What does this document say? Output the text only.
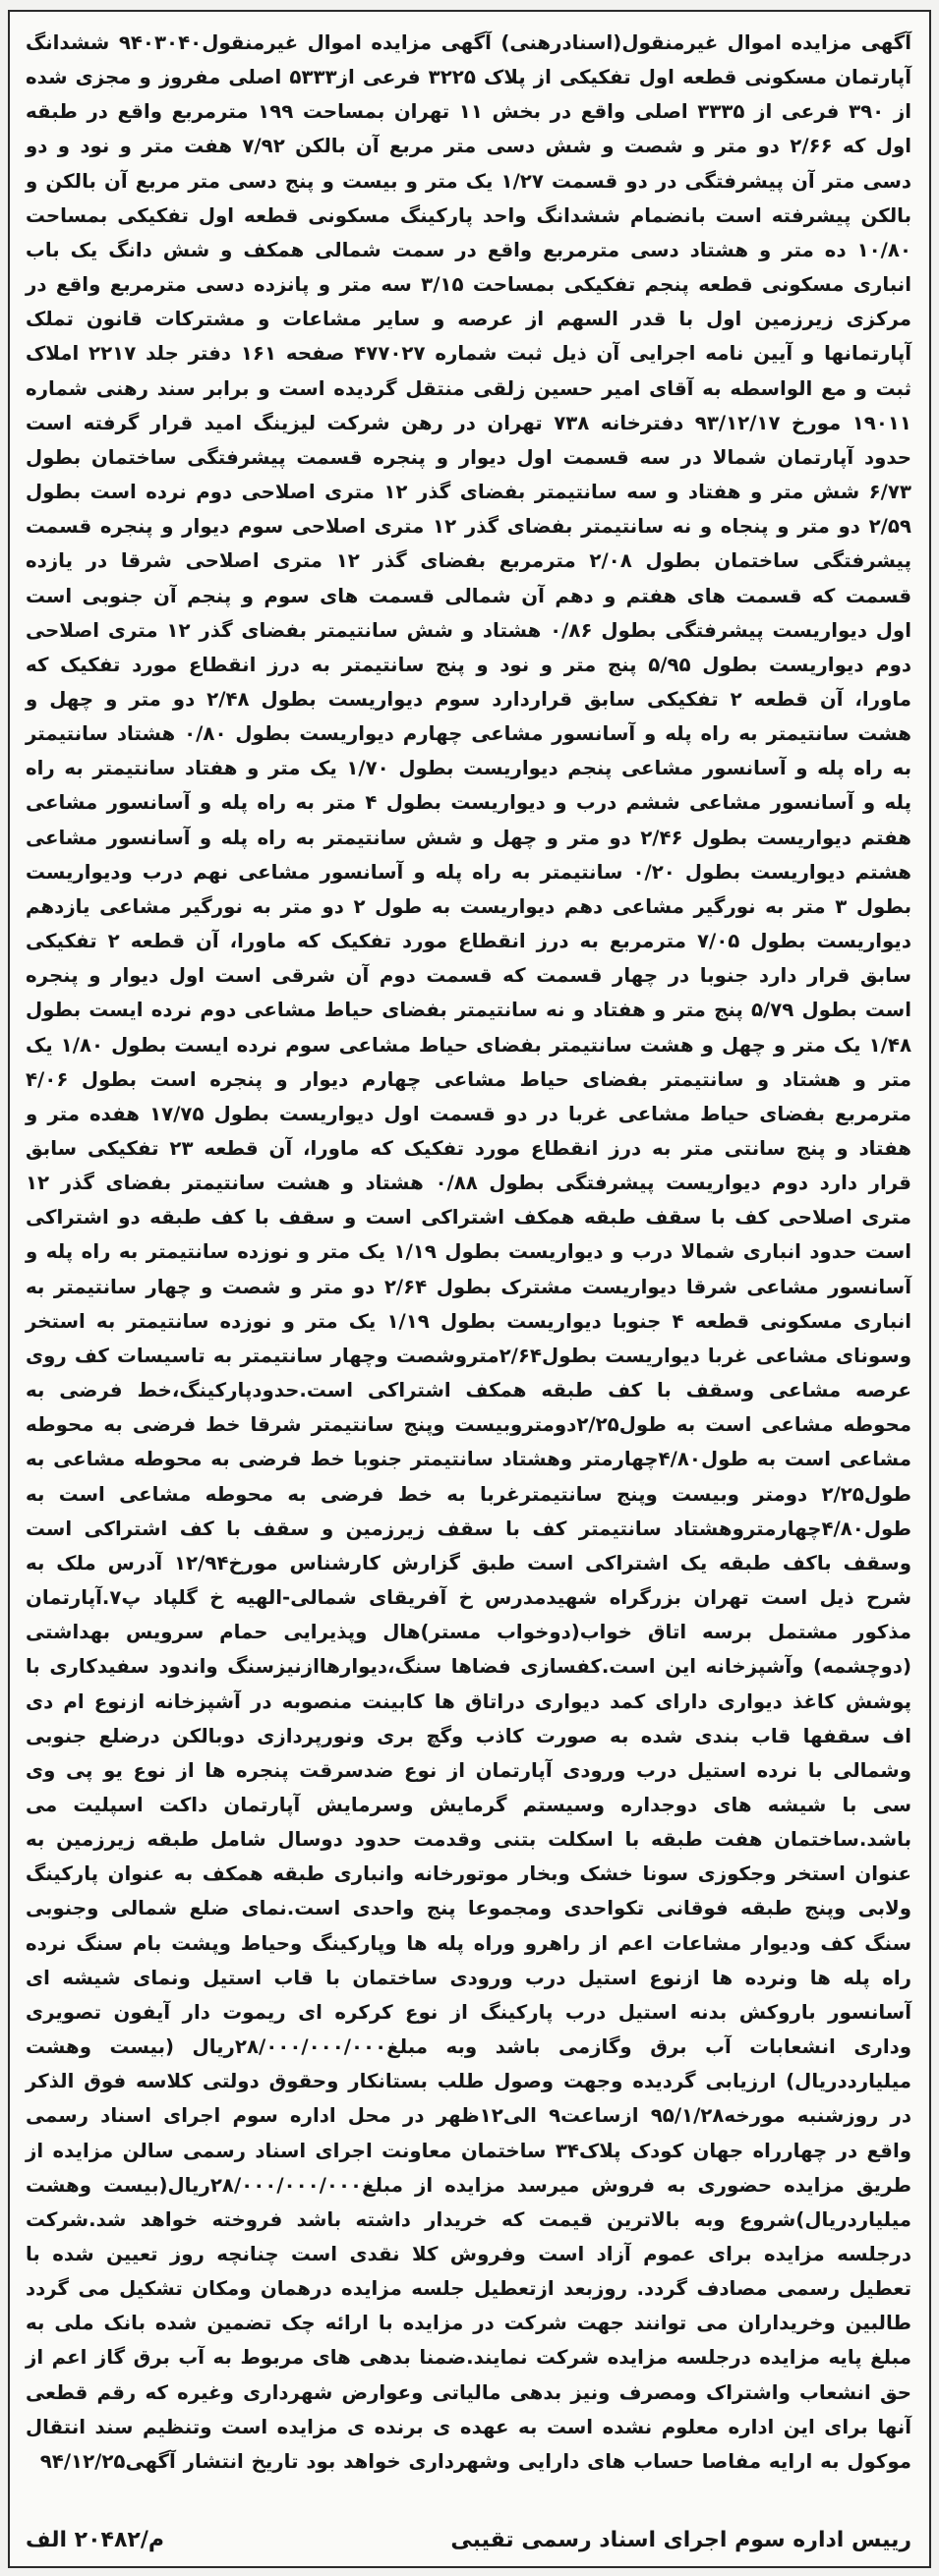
آگهی مزایده اموال غیرمنقول(اسنادرهنی) آگهی مزایده اموال غیرمنقول۹۴۰۳۰۴۰ ششدانگ آپارتمان مسکونی قطعه اول تفکیکی از پلاک ۳۲۲۵ فرعی از۵۳۳۳ اصلی مفروز و مجزی شده از ۳۹۰ فرعی از ۳۳۳۵ اصلی واقع در بخش ۱۱ تهران بمساحت ۱۹۹ مترمربع واقع در طبقه اول که ۲/۶۶ دو متر و شصت و شش دسی متر مربع آن بالکن ۷/۹۲ هفت متر و نود و دو دسی متر آن پیشرفتگی در دو قسمت ۱/۲۷ یک متر و بیست و پنج دسی متر مربع آن بالکن و بالکن پیشرفته است بانضمام ششدانگ واحد پارکینگ مسکونی قطعه اول تفکیکی بمساحت ۱۰/۸۰ ده متر و هشتاد دسی مترمربع واقع در سمت شمالی همکف و شش دانگ یک باب انباری مسکونی قطعه پنجم تفکیکی بمساحت ۳/۱۵ سه متر و پانزده دسی مترمربع واقع در مرکزی زیرزمین اول با قدر السهم از عرصه و سایر مشاعات و مشترکات قانون تملک آپارتمانها و آیین نامه اجرایی آن ذیل ثبت شماره ۴۷۷۰۲۷ صفحه ۱۶۱ دفتر جلد ۲۲۱۷ املاک ثبت و مع الواسطه به آقای امیر حسین زلقی منتقل گردیده است و برابر سند رهنی شماره ۱۹۰۱۱ مورخ ۹۳/۱۲/۱۷ دفترخانه ۷۳۸ تهران در رهن شرکت لیزینگ امید قرار گرفته است حدود آپارتمان شمالا در سه قسمت اول دیوار و پنجره قسمت پیشرفتگی ساختمان بطول ۶/۷۳ شش متر و هفتاد و سه سانتیمتر بفضای گذر ۱۲ متری اصلاحی دوم نرده است بطول ۲/۵۹ دو متر و پنجاه و نه سانتیمتر بفضای گذر ۱۲ متری اصلاحی سوم دیوار و پنجره قسمت پیشرفتگی ساختمان بطول ۲/۰۸ مترمربع بفضای گذر ۱۲ متری اصلاحی شرقا در یازده قسمت که قسمت های هفتم و دهم آن شمالی قسمت های سوم و پنجم آن جنوبی است اول دیواریست پیشرفتگی بطول ۰/۸۶ هشتاد و شش سانتیمتر بفضای گذر ۱۲ متری اصلاحی دوم دیواریست بطول ۵/۹۵ پنج متر و نود و پنج سانتیمتر به درز انقطاع مورد تفکیک که ماورا، آن قطعه ۲ تفکیکی سابق قراردارد سوم دیواریست بطول ۲/۴۸ دو متر و چهل و هشت سانتیمتر به راه پله و آسانسور مشاعی چهارم دیواریست بطول ۰/۸۰ هشتاد سانتیمتر به راه پله و آسانسور مشاعی پنجم دیواریست بطول ۱/۷۰ یک متر و هفتاد سانتیمتر به راه پله و آسانسور مشاعی ششم درب و دیواریست بطول ۴ متر به راه پله و آسانسور مشاعی هفتم دیواریست بطول ۲/۴۶ دو متر و چهل و شش سانتیمتر به راه پله و آسانسور مشاعی هشتم دیواریست بطول ۰/۲۰ سانتیمتر به راه پله و آسانسور مشاعی نهم درب ودیواریست بطول ۳ متر به نورگیر مشاعی دهم دیواریست به طول ۲ دو متر به نورگیر مشاعی یازدهم دیواریست بطول ۷/۰۵ مترمربع به درز انقطاع مورد تفکیک که ماورا، آن قطعه ۲ تفکیکی سابق قرار دارد جنوبا در چهار قسمت که قسمت دوم آن شرقی است اول دیوار و پنجره است بطول ۵/۷۹ پنج متر و هفتاد و نه سانتیمتر بفضای حیاط مشاعی دوم نرده ایست بطول ۱/۴۸ یک متر و چهل و هشت سانتیمتر بفضای حیاط مشاعی سوم نرده ایست بطول ۱/۸۰ یک متر و هشتاد و سانتیمتر بفضای حیاط مشاعی چهارم دیوار و پنجره است بطول ۴/۰۶ مترمربع بفضای حیاط مشاعی غربا در دو قسمت اول دیواریست بطول ۱۷/۷۵ هفده متر و هفتاد و پنج سانتی متر به درز انقطاع مورد تفکیک که ماورا، آن قطعه ۲۳ تفکیکی سابق قرار دارد دوم دیواریست پیشرفتگی بطول ۰/۸۸ هشتاد و هشت سانتیمتر بفضای گذر ۱۲ متری اصلاحی کف با سقف طبقه همکف اشتراکی است و سقف با کف طبقه دو اشتراکی است حدود انباری شمالا درب و دیواریست بطول ۱/۱۹ یک متر و نوزده سانتیمتر به راه پله و آسانسور مشاعی شرقا دیواریست مشترک بطول ۲/۶۴ دو متر و شصت و چهار سانتیمتر به انباری مسکونی قطعه ۴ جنوبا دیواریست بطول ۱/۱۹ یک متر و نوزده سانتیمتر به استخر وسونای مشاعی غربا دیواریست بطول۲/۶۴متروشصت وچهار سانتیمتر به تاسیسات کف روی عرصه مشاعی وسقف با کف طبقه همکف اشتراکی است.حدودپارکینگ،خط فرضی به محوطه مشاعی است به طول۲/۲۵دومتروبیست وپنج سانتیمتر شرقا خط فرضی به محوطه مشاعی است به طول۴/۸۰چهارمتر وهشتاد سانتیمتر جنوبا خط فرضی به محوطه مشاعی به طول۲/۲۵ دومتر وبیست وپنج سانتیمترغربا به خط فرضی به محوطه مشاعی است به طول۴/۸۰چهارمتروهشتاد سانتیمتر کف با سقف زیرزمین و سقف با کف اشتراکی است وسقف باکف طبقه یک اشتراکی است طبق گزارش کارشناس مورخ۱۲/۹۴ آدرس ملک به شرح ذیل است تهران بزرگراه شهیدمدرس خ آفریقای شمالی-الهیه خ گلپاد پ۷.آپارتمان مذکور مشتمل برسه اتاق خواب(دوخواب مستر)هال وپذیرایی حمام سرویس بهداشتی (دوچشمه) وآشپزخانه این است.کفسازی فضاها سنگ،دیوارهاازنیزسنگ واندود سفیدکاری با پوشش کاغذ دیواری دارای کمد دیواری دراتاق ها کابینت منصوبه در آشپزخانه ازنوع ام دی اف سقفها قاب بندی شده به صورت کاذب وگچ بری ونورپردازی دوبالکن درضلع جنوبی وشمالی با نرده استیل درب ورودی آپارتمان از نوع ضدسرقت پنجره ها از نوع یو پی وی سی با شیشه های دوجداره وسیستم گرمایش وسرمایش آپارتمان داکت اسپلیت می باشد.ساختمان هفت طبقه با اسکلت بتنی وقدمت حدود دوسال شامل طبقه زیرزمین به عنوان استخر وجکوزی سونا خشک وبخار موتورخانه وانباری طبقه همکف به عنوان پارکینگ ولابی وپنج طبقه فوقانی تکواحدی ومجموعا پنج واحدی است.نمای ضلع شمالی وجنوبی سنگ کف ودیوار مشاعات اعم از راهرو وراه پله ها وپارکینگ وحیاط وپشت بام سنگ نرده راه پله ها ونرده ها ازنوع استیل درب ورودی ساختمان با قاب استیل ونمای شیشه ای آسانسور باروکش بدنه استیل درب پارکینگ از نوع کرکره ای ریموت دار آیفون تصویری وداری انشعابات آب برق وگازمی باشد وبه مبلغ۲۸/۰۰۰/۰۰۰/۰۰۰ریال (بیست وهشت میلیارددریال) ارزیابی گردیده وجهت وصول طلب بستانکار وحقوق دولتی کلاسه فوق الذکر در روزشنبه مورخه۹۵/۱/۲۸ ازساعت۹ الی۱۲ظهر در محل اداره سوم اجرای اسناد رسمی واقع در چهارراه جهان کودک پلاک۳۴ ساختمان معاونت اجرای اسناد رسمی سالن مزایده از طریق مزایده حضوری به فروش میرسد مزایده از مبلغ۲۸/۰۰۰/۰۰۰/۰۰۰ریال(بیست وهشت میلیاردریال)شروع وبه بالاترین قیمت که خریدار داشته باشد فروخته خواهد شد.شرکت درجلسه مزایده برای عموم آزاد است وفروش کلا نقدی است چنانچه روز تعیین شده با تعطیل رسمی مصادف گردد. روزبعد ازتعطیل جلسه مزایده درهمان ومکان تشکیل می گردد طالبین وخریداران می توانند جهت شرکت در مزایده با ارائه چک تضمین شده بانک ملی به مبلغ پایه مزایده درجلسه مزایده شرکت نمایند.ضمنا بدهی های مربوط به آب برق گاز اعم از حق انشعاب واشتراک ومصرف ونیز بدهی مالیاتی وعوارض شهرداری وغیره که رقم قطعی آنها برای این اداره معلوم نشده است به عهده ی برنده ی مزایده است وتنظیم سند انتقال موکول به ارایه مفاصا حساب های دارایی وشهرداری خواهد بود تاریخ انتشار آگهی۹۴/۱۲/۲۵

رییس اداره سوم اجرای اسناد رسمی تقیبی
م/۲۰۴۸۲ الف
